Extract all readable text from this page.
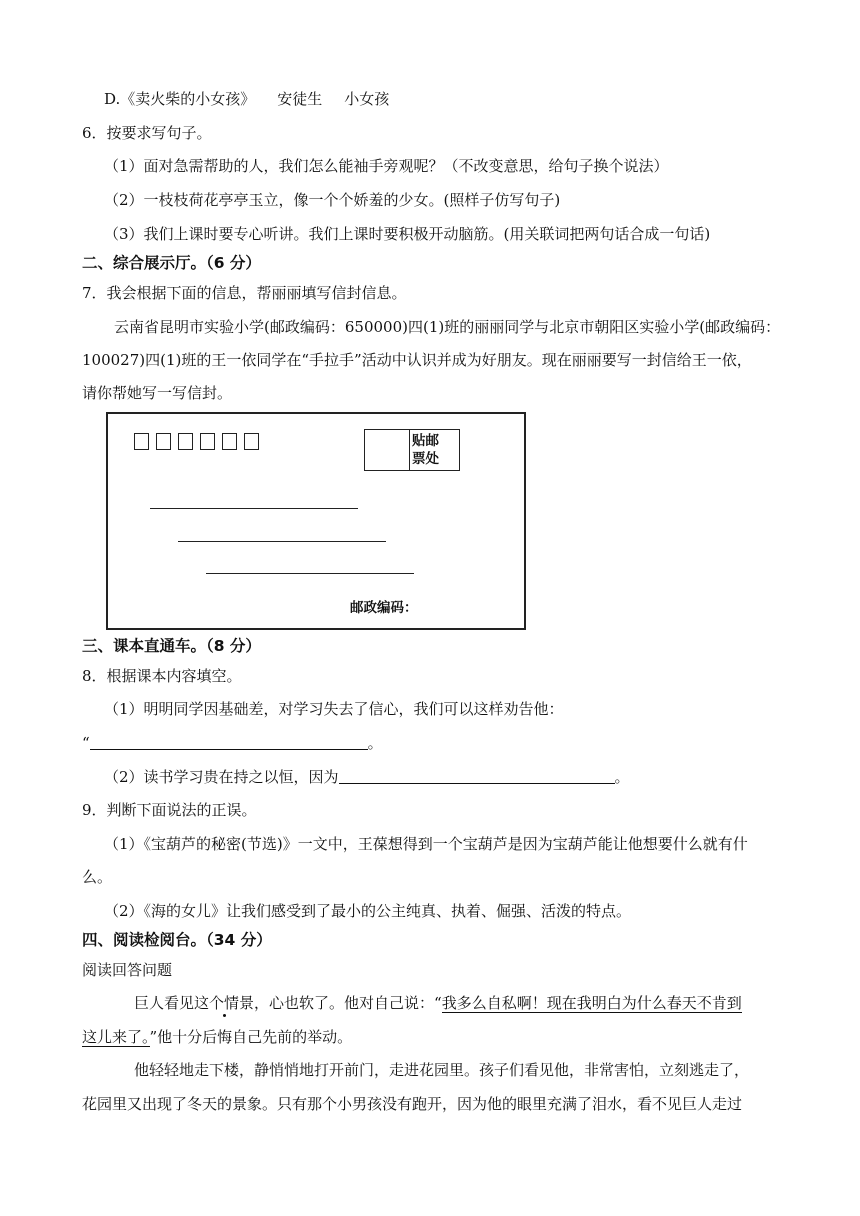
D.《卖火柴的小女孩》 安徒生 小女孩
6．按要求写句子。
（1）面对急需帮助的人，我们怎么能袖手旁观呢？（不改变意思，给句子换个说法）
（2）一枝枝荷花亭亭玉立，像一个个娇羞的少女。(照样子仿写句子)
（3）我们上课时要专心听讲。我们上课时要积极开动脑筋。(用关联词把两句话合成一句话)
二、综合展示厅。（6 分）
7．我会根据下面的信息，帮丽丽填写信封信息。
云南省昆明市实验小学(邮政编码：650000)四(1)班的丽丽同学与北京市朝阳区实验小学(邮政编码：
100027)四(1)班的王一依同学在“手拉手”活动中认识并成为好朋友。现在丽丽要写一封信给王一依，
请你帮她写一写信封。
贴邮
票处
邮政编码：
三、课本直通车。（8 分）
8．根据课本内容填空。
（1）明明同学因基础差，对学习失去了信心，我们可以这样劝告他：
“	。
（2）读书学习贵在持之以恒，因为	。
9．判断下面说法的正误。
（1）《宝葫芦的秘密(节选)》一文中，王葆想得到一个宝葫芦是因为宝葫芦能让他想要什么就有什
么。
（2）《海的女儿》让我们感受到了最小的公主纯真、执着、倔强、活泼的特点。
四、阅读检阅台。（34 分）
阅读回答问题
巨人看见这个情景，心也软了。他对自己说：“我多么自私啊！现在我明白为什么春天不肯到
这儿来了。”他十分后悔自己先前的举动。
他轻轻地走下楼，静悄悄地打开前门，走进花园里。孩子们看见他，非常害怕，立刻逃走了，
花园里又出现了冬天的景象。只有那个小男孩没有跑开，因为他的眼里充满了泪水，看不见巨人走过
